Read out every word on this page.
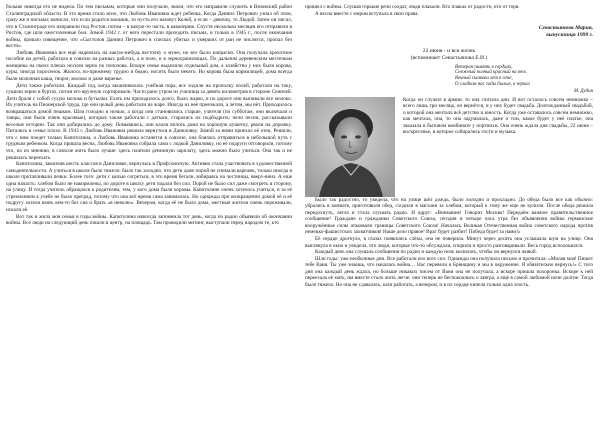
больше никогда его не видела. По тем письмам, которые они получали, знали, что его направили служить в Вязовский район Сталинградской области. В это время стало ясно, что Любовь Ивановна ждет ребенка. Когда Даниил Петрович узнал об этом, сразу же и письмах написал, что если родится мальчик, то пусть его назовут Колей, а если – девочку, то Людой. Затем он писал, что в Сталинграде его направили под Ростов, потом – в какую-то часть, в кавалерию. Спустя несколько месяцев его отправили в Ростов, где шли ожесточенные бои. Зимой 1942 г. от него перестали приходить письма, и только в 1945 г., после окончания войны, пришло извещение, что «Сыстолов Даниил Петрович в списках убитых и умерших от ран не числится, пропал без вести».

Любовь Ивановна все ещё надеялась на какую-нибудь весточку о муже, но все было напрасно. Она получала крохотное пособие на детей, работала в совхозе на разных работах, а в поле, и в зернохранилищах. По дальним деревенским местечкам женщины на своих плечах носили зерно по пополова. Вскоре семье выделили отдельный дом, а хозяйство у них были корова, куры, иногда поросенок. Жилось по-прежнему трудно и бедно, носить было нечего. Но корова была кормилицей, дома всегда были молочная каша, творог, молоко и даже варенье.

Дети также работали. Каждый год, когда заканчивалась учебная пора, все ходили на прополку полей, работали на току, сушили зерно в буртах, потом его вручную сортировали. Часто рано утром из училища за девять километров в стороне Сеничей. Дети брали с собой сухую молоко и бутылки. Ехать им приходилось долго, было жарко, и по дороге они выпивали все молоко. Их учитель на Пионерской труда, где они целый день работали на жаре. Иногда из неё приезжали, а летом, мы нёт. Приходилось возвращаться домой пешком. Шли голодно и ночью, а когда они становились старше, учителя (по субботам, они включали и танцы, они были очень красивые), которые также работали с детьми, старались их подбодрить: пели песни, рассказывали веселые истории. Так они добирались до дому. Помывшись, они клали вплоть дома на хорошую кушетку, рвали на дорожку. Питались в семье плохо. В 1943 г. Любовь Ивановна решила вернуться в Даниловку. Зимой за ними приехал её отец. Решили, что с ним поедет только Капитолина, а Любовь Ивановна останется в совхозе, она боялась отправиться в небольшой путь с грудным ребенком. Когда пришла весна, Любовь Ивановна собрала сама с лодкой Даниловку, но её подруги отговорили, потому что, по их мнению, в совхозе жить было лучше: здесь платили денежную зарплату, здесь можно было учиться. Она так и не решилась переехать.

Капитолина, закончив шесть классов в Даниловке, вернулась в Профсоюзную. Активно стала участвовать в художественной самодеятельности. А учиться в школе было тяжело: было так холодно, что дети даже порой не снимали варежек, только иногда в школе протапливали печки. Более того: дети с целью согреться, в это время бегали, взбираясь на лестницы, вверх-вниз. А еще одна напасть: хлебом было не накормлены, по дороге в школу дети падали без сил. Порой не было сил даже смотреть в сторону, на улицу. И тогда учитель обращался к родителям, тем, у кого дома были коровы. Капитолине очень хотелось учиться, и за её стремлением к учебе не было преград, потому что она всё время сама занималась. Но однажды при возвращении домой её и её подругу хотели взять кем-то без сна и брать «в неволю». Вечером, когда её не было дома, местные жители очень переживали, искали её.

Вот так и жила моя семья в годы войны. Капитолина навсегда запомнила тот день, когда по радио объявили об окончании войны. Все люди на следующий день пошли в центр, на площадь. Там проводили митинг, выступали перед народом те, кто

пришел с войны. Слушая горькие речи солдат, люди плакали. Кто плакал от радости, кто от горя.

А весна вместе с миром вступала в свои права.

Севастьянова Мария,
выпускница 1999 г.
22 июня - и вся жизнь
(вспоминает Севастьянова Е.И.)
Ветеран память в сердцах,
Снежный полный красный на весь
Вечный сынкова лет в огне,
О сладком нас годы былые, в зеркал
М. Дудин
Когда он служил в армии, то она считала дни. И вот осталось совсем немножко – всего лишь три месяца, он вернётся, и у них будет свадьба. Долгожданный свадьбой, о которой она мечтала всё детство и юность. Когда уже оставалось совсем немножко, как мечтала, она, то она задумалась, даже о том, какое будет у неё платье, она заказала в бытовом комбинате у портнихи. Она очень ждала дня свадьбы, 22 июня – воскресенье, в которое собирались гости и музыка.

Было так радостно, то увидела, что на улице шёл дождь, было холодно и прохладно. До обеда было все как обычно: убрались в комнате, приготовили обед, сходили в магазин за хлебом, который к тому же еще не купили. После обеда решила передохнуть, легла и стала слушать радио. И вдруг: «Внимание! Говорит Москва! Передаём важное правительственное сообщение! Граждане и гражданки Советского Союза, сегодня в четыре часа утра без объявления войны германские вооружённые силы атаковали границы Советского Союза! Началась Великая Отечественная война советского народа против немецко-фашистских захватчиков! Наше дело правое! Враг будет разбит! Победа будет за нами!»

Её сердце дрогнуло, в глазах появились слёзы, она не поверила. Минут через десять она услышала шум на улице. Она выглянула в окно и увидела, что люди, которые что-то обсуждали, спорили и просто разговаривали. Весь город всполошился.

Каждый день она слушала сообщения по радио и каждую ночь молилась, чтобы он вернулся живой.

Шли годы: уже необычные дни. Все работали изо всех сил. Однажды она получила письмо и прочитала: «Милая моя! Пишет тебе Ваня. Ты уже знаешь, что началась война… Нас перевели в Брянщину и мы в окружение. Я обязательно вернусь!» С того дня она каждый день ждала, но больше никаких писем от Вани она не получала, а вскоре пришла похоронка. Вскоре к ней переехала её мать, им вместе стало жить легче: они теперь не беспокоились о завтра, а ещё в самой любимой ночи долгие. Тогда было тяжело. Но она не сдавалась, шли работать, а вечером, и в их сердце кипела только одна злость.
